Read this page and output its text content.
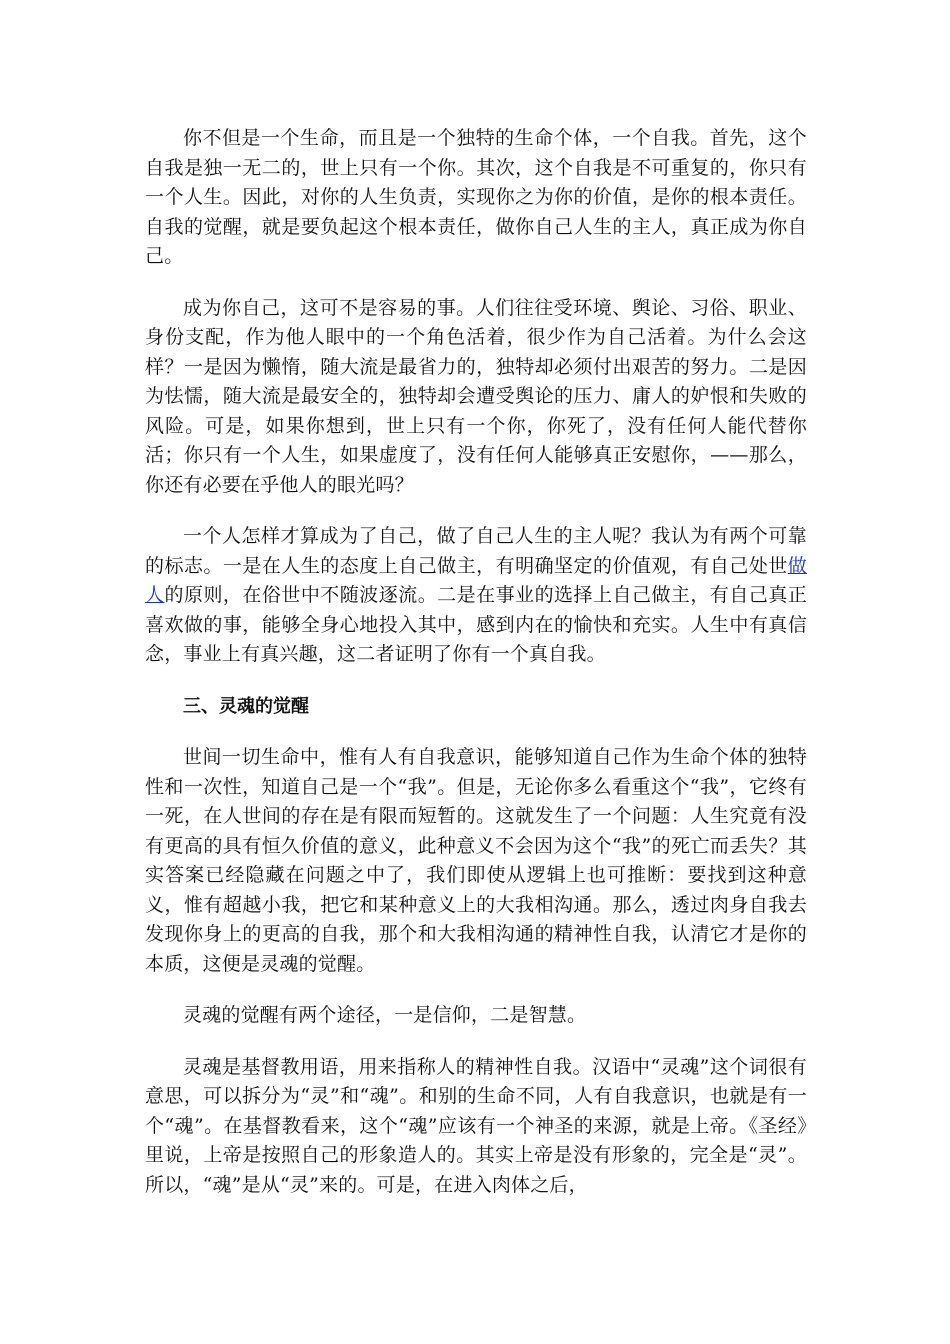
你不但是一个生命，而且是一个独特的生命个体，一个自我。首先，这个自我是独一无二的，世上只有一个你。其次，这个自我是不可重复的，你只有一个人生。因此，对你的人生负责，实现你之为你的价值，是你的根本责任。自我的觉醒，就是要负起这个根本责任，做你自己人生的主人，真正成为你自己。

成为你自己，这可不是容易的事。人们往往受环境、舆论、习俗、职业、身份支配，作为他人眼中的一个角色活着，很少作为自己活着。为什么会这样？一是因为懒惰，随大流是最省力的，独特却必须付出艰苦的努力。二是因为怯懦，随大流是最安全的，独特却会遭受舆论的压力、庸人的妒恨和失败的风险。可是，如果你想到，世上只有一个你，你死了，没有任何人能代替你活；你只有一个人生，如果虚度了，没有任何人能够真正安慰你，——那么，你还有必要在乎他人的眼光吗？

一个人怎样才算成为了自己，做了自己人生的主人呢？我认为有两个可靠的标志。一是在人生的态度上自己做主，有明确坚定的价值观，有自己处世做人的原则，在俗世中不随波逐流。二是在事业的选择上自己做主，有自己真正喜欢做的事，能够全身心地投入其中，感到内在的愉快和充实。人生中有真信念，事业上有真兴趣，这二者证明了你有一个真自我。

三、灵魂的觉醒

世间一切生命中，惟有人有自我意识，能够知道自己作为生命个体的独特性和一次性，知道自己是一个“我”。但是，无论你多么看重这个“我”，它终有一死，在人世间的存在是有限而短暂的。这就发生了一个问题：人生究竟有没有更高的具有恒久价值的意义，此种意义不会因为这个“我”的死亡而丢失？其实答案已经隐藏在问题之中了，我们即使从逻辑上也可推断：要找到这种意义，惟有超越小我，把它和某种意义上的大我相沟通。那么，透过肉身自我去发现你身上的更高的自我，那个和大我相沟通的精神性自我，认清它才是你的本质，这便是灵魂的觉醒。

灵魂的觉醒有两个途径，一是信仰，二是智慧。

灵魂是基督教用语，用来指称人的精神性自我。汉语中“灵魂”这个词很有意思，可以拆分为“灵”和“魂”。和别的生命不同，人有自我意识，也就是有一个“魂”。在基督教看来，这个“魂”应该有一个神圣的来源，就是上帝。《圣经》里说，上帝是按照自己的形象造人的。其实上帝是没有形象的，完全是“灵”。所以，“魂”是从“灵”来的。可是，在进入肉体之后，
